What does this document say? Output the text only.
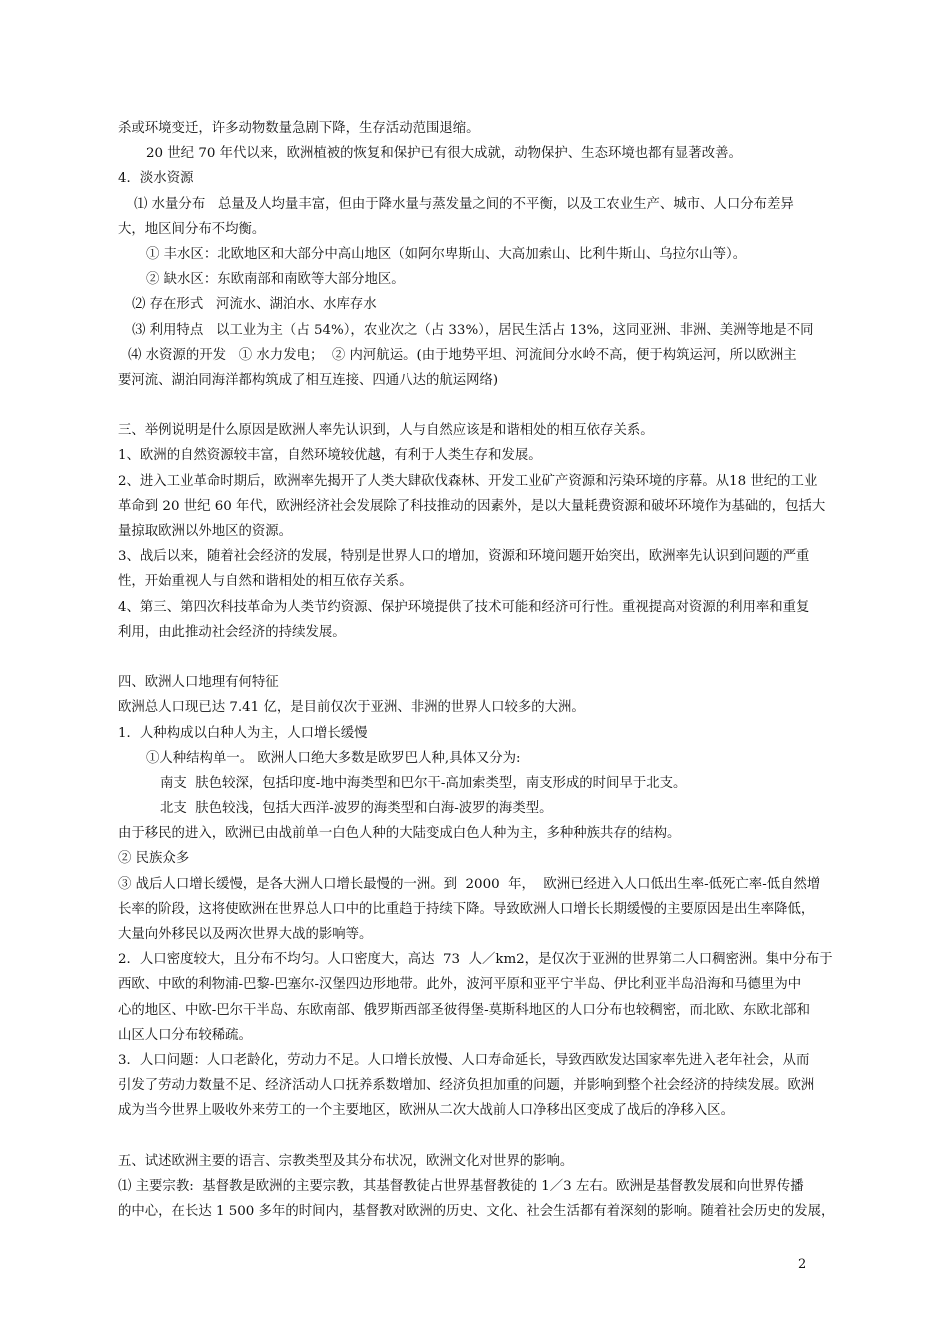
杀或环境变迁，许多动物数量急剧下降，生存活动范围退缩。
20 世纪 70 年代以来，欧洲植被的恢复和保护已有很大成就，动物保护、生态环境也都有显著改善。
4．淡水资源
⑴ 水量分布   总量及人均量丰富，但由于降水量与蒸发量之间的不平衡，以及工农业生产、城市、人口分布差异
大，地区间分布不均衡。
① 丰水区：北欧地区和大部分中高山地区（如阿尔卑斯山、大高加索山、比利牛斯山、乌拉尔山等）。
② 缺水区：东欧南部和南欧等大部分地区。
⑵ 存在形式   河流水、湖泊水、水库存水
⑶ 利用特点   以工业为主（占 54%），农业次之（占 33%），居民生活占 13%，这同亚洲、非洲、美洲等地是不同
⑷ 水资源的开发   ① 水力发电；  ② 内河航运。(由于地势平坦、河流间分水岭不高，便于构筑运河，所以欧洲主
要河流、湖泊同海洋都构筑成了相互连接、四通八达的航运网络)
三、举例说明是什么原因是欧洲人率先认识到，人与自然应该是和谐相处的相互依存关系。
1、欧洲的自然资源较丰富，自然环境较优越，有利于人类生存和发展。
2、进入工业革命时期后，欧洲率先揭开了人类大肆砍伐森林、开发工业矿产资源和污染环境的序幕。从18 世纪的工业
革命到 20 世纪 60 年代，欧洲经济社会发展除了科技推动的因素外，是以大量耗费资源和破坏环境作为基础的，包括大
量掠取欧洲以外地区的资源。
3、战后以来，随着社会经济的发展，特别是世界人口的增加，资源和环境问题开始突出，欧洲率先认识到问题的严重
性，开始重视人与自然和谐相处的相互依存关系。
4、第三、第四次科技革命为人类节约资源、保护环境提供了技术可能和经济可行性。重视提高对资源的利用率和重复
利用，由此推动社会经济的持续发展。
四、欧洲人口地理有何特征
欧洲总人口现已达 7.41 亿，是目前仅次于亚洲、非洲的世界人口较多的大洲。
1．人种构成以白种人为主，人口增长缓慢
①人种结构单一。 欧洲人口绝大多数是欧罗巴人种,具体又分为:
南支  肤色较深，包括印度-地中海类型和巴尔干-高加索类型，南支形成的时间早于北支。
北支  肤色较浅，包括大西洋-波罗的海类型和白海-波罗的海类型。
由于移民的进入，欧洲已由战前单一白色人种的大陆变成白色人种为主，多种种族共存的结构。
② 民族众多
③ 战后人口增长缓慢，是各大洲人口增长最慢的一洲。到  2000  年，  欧洲已经进入人口低出生率-低死亡率-低自然增
长率的阶段，这将使欧洲在世界总人口中的比重趋于持续下降。导致欧洲人口增长长期缓慢的主要原因是出生率降低，
大量向外移民以及两次世界大战的影响等。
2．人口密度较大，且分布不均匀。人口密度大，高达  73  人／km2，是仅次于亚洲的世界第二人口稠密洲。集中分布于
西欧、中欧的利物浦-巴黎-巴塞尔-汉堡四边形地带。此外，波河平原和亚平宁半岛、伊比利亚半岛沿海和马德里为中
心的地区、中欧-巴尔干半岛、东欧南部、俄罗斯西部圣彼得堡-莫斯科地区的人口分布也较稠密，而北欧、东欧北部和
山区人口分布较稀疏。
3．人口问题：人口老龄化，劳动力不足。人口增长放慢、人口寿命延长，导致西欧发达国家率先进入老年社会，从而
引发了劳动力数量不足、经济活动人口抚养系数增加、经济负担加重的问题，并影响到整个社会经济的持续发展。欧洲
成为当今世界上吸收外来劳工的一个主要地区，欧洲从二次大战前人口净移出区变成了战后的净移入区。
五、试述欧洲主要的语言、宗教类型及其分布状况，欧洲文化对世界的影响。
⑴ 主要宗教:  基督教是欧洲的主要宗教，其基督教徒占世界基督教徒的 1／3 左右。欧洲是基督教发展和向世界传播
的中心，在长达 1 500 多年的时间内，基督教对欧洲的历史、文化、社会生活都有着深刻的影响。随着社会历史的发展，
2
